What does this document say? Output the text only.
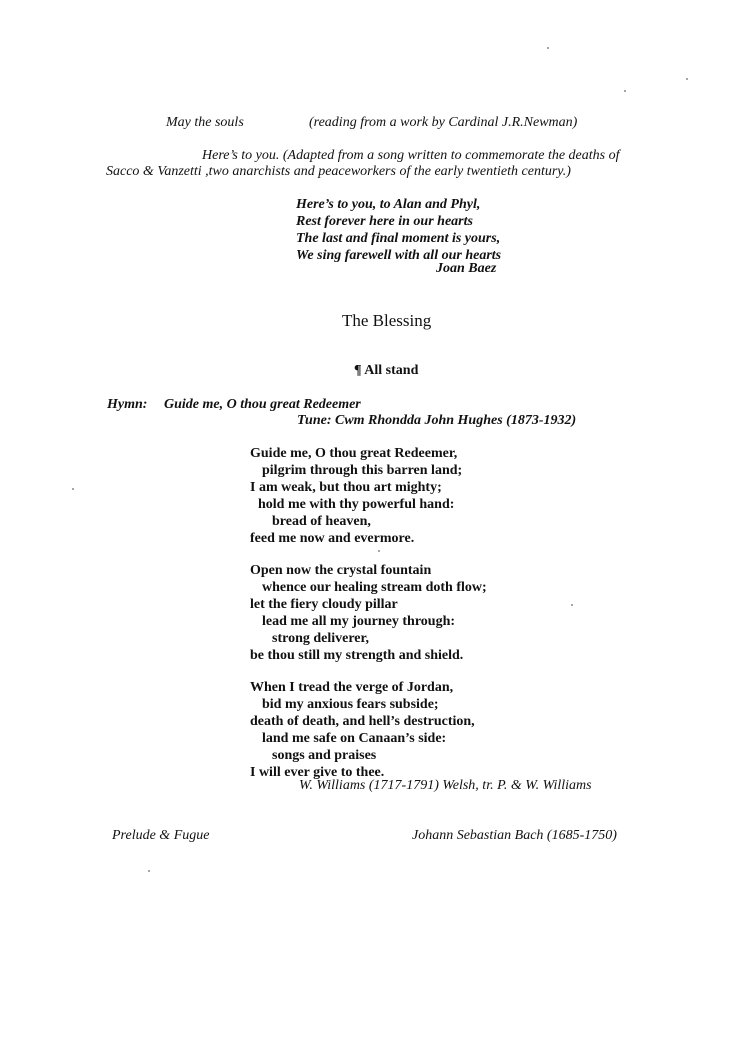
May the souls	(reading from a work by Cardinal J.R.Newman)
Here’s to you. (Adapted from a song written to commemorate the deaths of
Sacco & Vanzetti ,two anarchists and peaceworkers of the early twentieth century.)
Here’s to you, to Alan and Phyl,
Rest forever here in our hearts
The last and final moment is yours,
We sing farewell with all our hearts
Joan Baez
The Blessing
¶ All stand
Hymn: Guide me, O thou great Redeemer
Tune: Cwm Rhondda John Hughes (1873-1932)
Guide me, O thou great Redeemer,
pilgrim through this barren land;
I am weak, but thou art mighty;
hold me with thy powerful hand:
bread of heaven,
feed me now and evermore.
Open now the crystal fountain
whence our healing stream doth flow;
let the fiery cloudy pillar
lead me all my journey through:
strong deliverer,
be thou still my strength and shield.
When I tread the verge of Jordan,
bid my anxious fears subside;
death of death, and hell’s destruction,
land me safe on Canaan’s side:
songs and praises
I will ever give to thee.
W. Williams (1717-1791) Welsh, tr. P. & W. Williams
Prelude & Fugue	Johann Sebastian Bach (1685-1750)
